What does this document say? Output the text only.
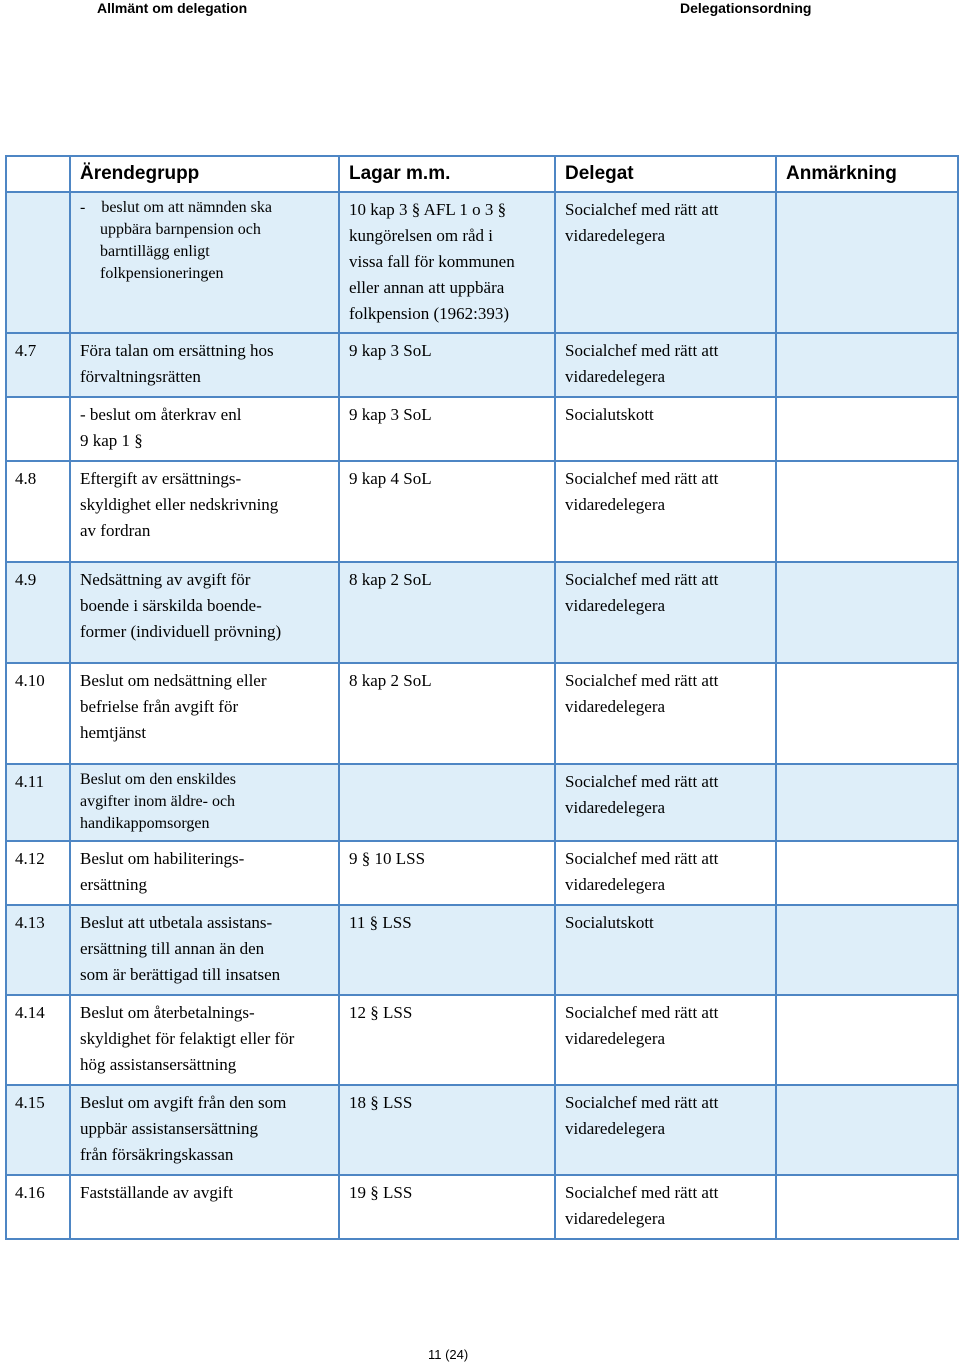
Allmänt om delegation	Delegationsordning
	Ärendegrupp	Lagar m.m.	Delegat	Anmärkning

	-    beslut om att nämnden ska
uppbära barnpension och
barntillägg enligt
folkpensioneringen	10 kap 3 § AFL 1 o 3 §
kungörelsen om råd i
vissa fall för kommunen
eller annan att uppbära
folkpension (1962:393)	Socialchef med rätt att
vidaredelegera	

4.7	Föra talan om ersättning hos
förvaltningsrätten	9 kap 3 SoL	Socialchef med rätt att
vidaredelegera	

	- beslut om återkrav enl
9 kap 1 §	9 kap 3 SoL	Socialutskott	

4.8	Eftergift av ersättnings-
skyldighet eller nedskrivning
av fordran	9 kap 4 SoL	Socialchef med rätt att
vidaredelegera	

4.9	Nedsättning av avgift för
boende i särskilda boende-
former (individuell prövning)	8 kap 2 SoL	Socialchef med rätt att
vidaredelegera	

4.10	Beslut om nedsättning eller
befrielse från avgift för
hemtjänst	8 kap 2 SoL	Socialchef med rätt att
vidaredelegera	

4.11	Beslut om den enskildes
avgifter inom äldre- och
handikappomsorgen		Socialchef med rätt att
vidaredelegera	

4.12	Beslut om habiliterings-
ersättning	9 § 10 LSS	Socialchef med rätt att
vidaredelegera	

4.13	Beslut att utbetala assistans-
ersättning till annan än den
som är berättigad till insatsen	11 § LSS	Socialutskott	

4.14	Beslut om återbetalnings-
skyldighet för felaktigt eller för
hög assistansersättning	12 § LSS	Socialchef med rätt att
vidaredelegera	

4.15	Beslut om avgift från den som
uppbär assistansersättning
från försäkringskassan	18 § LSS	Socialchef med rätt att
vidaredelegera	

4.16	Fastställande av avgift	19 § LSS	Socialchef med rätt att
vidaredelegera	

11 (24)
